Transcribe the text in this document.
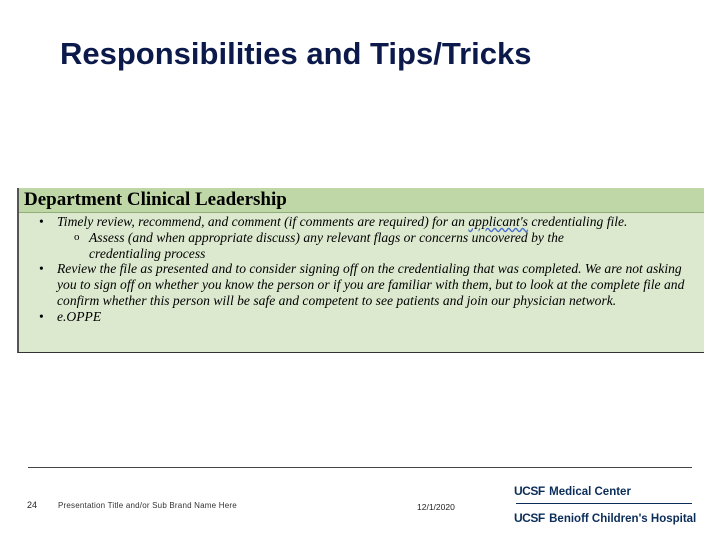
Responsibilities and Tips/Tricks
Department Clinical Leadership
• Timely review, recommend, and comment (if comments are required) for an applicant's credentialing file.
o Assess (and when appropriate discuss) any relevant flags or concerns uncovered by the credentialing process
• Review the file as presented and to consider signing off on the credentialing that was completed. We are not asking you to sign off on whether you know the person or if you are familiar with them, but to look at the complete file and confirm whether this person will be safe and competent to see patients and join our physician network.
• e.OPPE
24	Presentation Title and/or Sub Brand Name Here	12/1/2020
UCSF
Medical Center
UCSF
Benioff Children's Hospital
